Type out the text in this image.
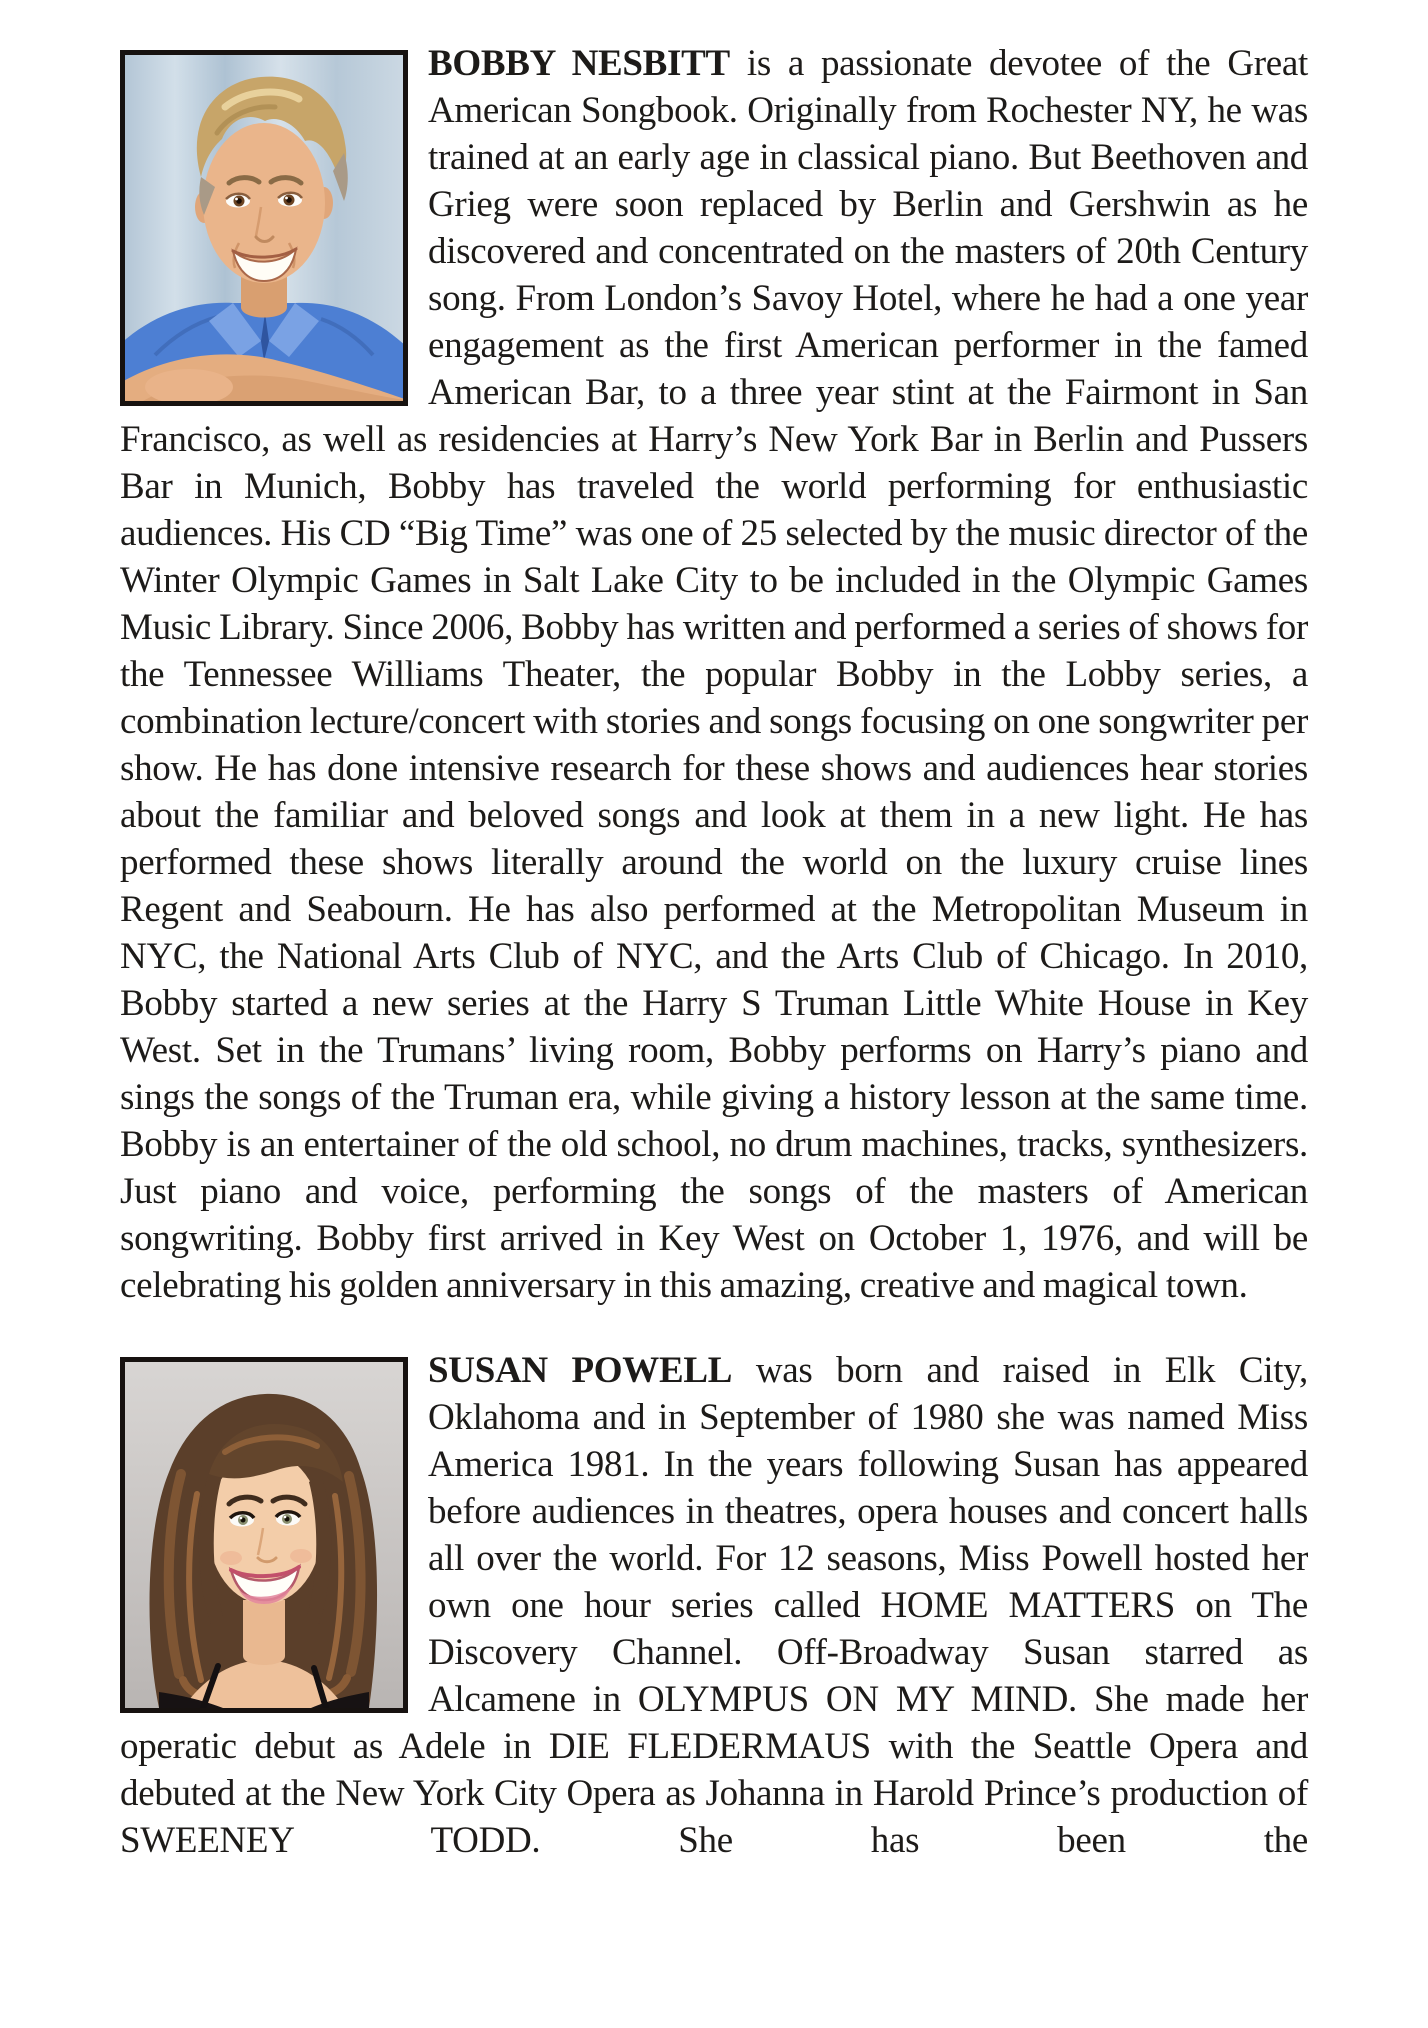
BOBBY NESBITT is a passionate devotee of the Great American Songbook. Originally from Rochester NY, he was trained at an early age in classical piano. But Beethoven and Grieg were soon replaced by Berlin and Gershwin as he discovered and concentrated on the masters of 20th Century song. From London’s Savoy Hotel, where he had a one year engagement as the first American performer in the famed American Bar, to a three year stint at the Fairmont in San Francisco, as well as residencies at Harry’s New York Bar in Berlin and Pussers Bar in Munich, Bobby has traveled the world performing for enthusiastic audiences. His CD “Big Time” was one of 25 selected by the music director of the Winter Olympic Games in Salt Lake City to be included in the Olympic Games Music Library. Since 2006, Bobby has written and performed a series of shows for the Tennessee Williams Theater, the popular Bobby in the Lobby series, a combination lecture/concert with stories and songs focusing on one songwriter per show. He has done intensive research for these shows and audiences hear stories about the familiar and beloved songs and look at them in a new light. He has performed these shows literally around the world on the luxury cruise lines Regent and Seabourn. He has also performed at the Metropolitan Museum in NYC, the National Arts Club of NYC, and the Arts Club of Chicago. In 2010, Bobby started a new series at the Harry S Truman Little White House in Key West. Set in the Trumans’ living room, Bobby performs on Harry’s piano and sings the songs of the Truman era, while giving a history lesson at the same time. Bobby is an entertainer of the old school, no drum machines, tracks, synthesizers. Just piano and voice, performing the songs of the masters of American songwriting. Bobby first arrived in Key West on October 1, 1976, and will be celebrating his golden anniversary in this amazing, creative and magical town.

SUSAN POWELL was born and raised in Elk City, Oklahoma and in September of 1980 she was named Miss America 1981. In the years following Susan has appeared before audiences in theatres, opera houses and concert halls all over the world. For 12 seasons, Miss Powell hosted her own one hour series called HOME MATTERS on The Discovery Channel. Off-Broadway Susan starred as Alcamene in OLYMPUS ON MY MIND. She made her operatic debut as Adele in DIE FLEDERMAUS with the Seattle Opera and debuted at the New York City Opera as Johanna in Harold Prince’s production of SWEENEY TODD. She has been the
